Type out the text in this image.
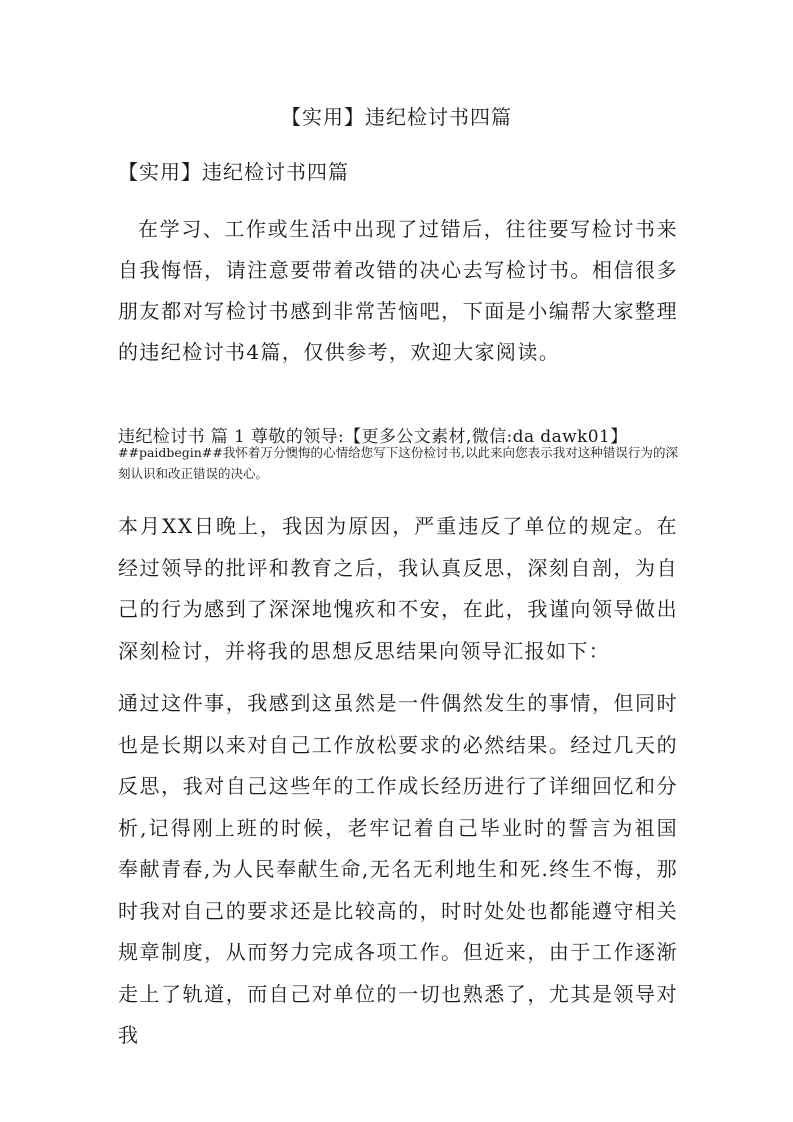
【实用】违纪检讨书四篇
【实用】违纪检讨书四篇
在学习、工作或生活中出现了过错后，往往要写检讨书来自我悔悟，请注意要带着改错的决心去写检讨书。相信很多朋友都对写检讨书感到非常苦恼吧，下面是小编帮大家整理的违纪检讨书4篇，仅供参考，欢迎大家阅读。
违纪检讨书 篇 1 尊敬的领导:【更多公文素材,微信:da dawk01】
##paidbegin##我怀着万分懊悔的心情给您写下这份检讨书,以此来向您表示我对这种错误行为的深刻认识和改正错误的决心。
本月XX日晚上，我因为原因，严重违反了单位的规定。在经过领导的批评和教育之后，我认真反思，深刻自剖，为自己的行为感到了深深地愧疚和不安，在此，我谨向领导做出深刻检讨，并将我的思想反思结果向领导汇报如下：
通过这件事，我感到这虽然是一件偶然发生的事情，但同时也是长期以来对自己工作放松要求的必然结果。经过几天的反思，我对自己这些年的工作成长经历进行了详细回忆和分析,记得刚上班的时候，老牢记着自己毕业时的誓言为祖国奉献青春,为人民奉献生命,无名无利地生和死.终生不悔，那时我对自己的要求还是比较高的，时时处处也都能遵守相关规章制度，从而努力完成各项工作。但近来，由于工作逐渐走上了轨道，而自己对单位的一切也熟悉了，尤其是领导对我
